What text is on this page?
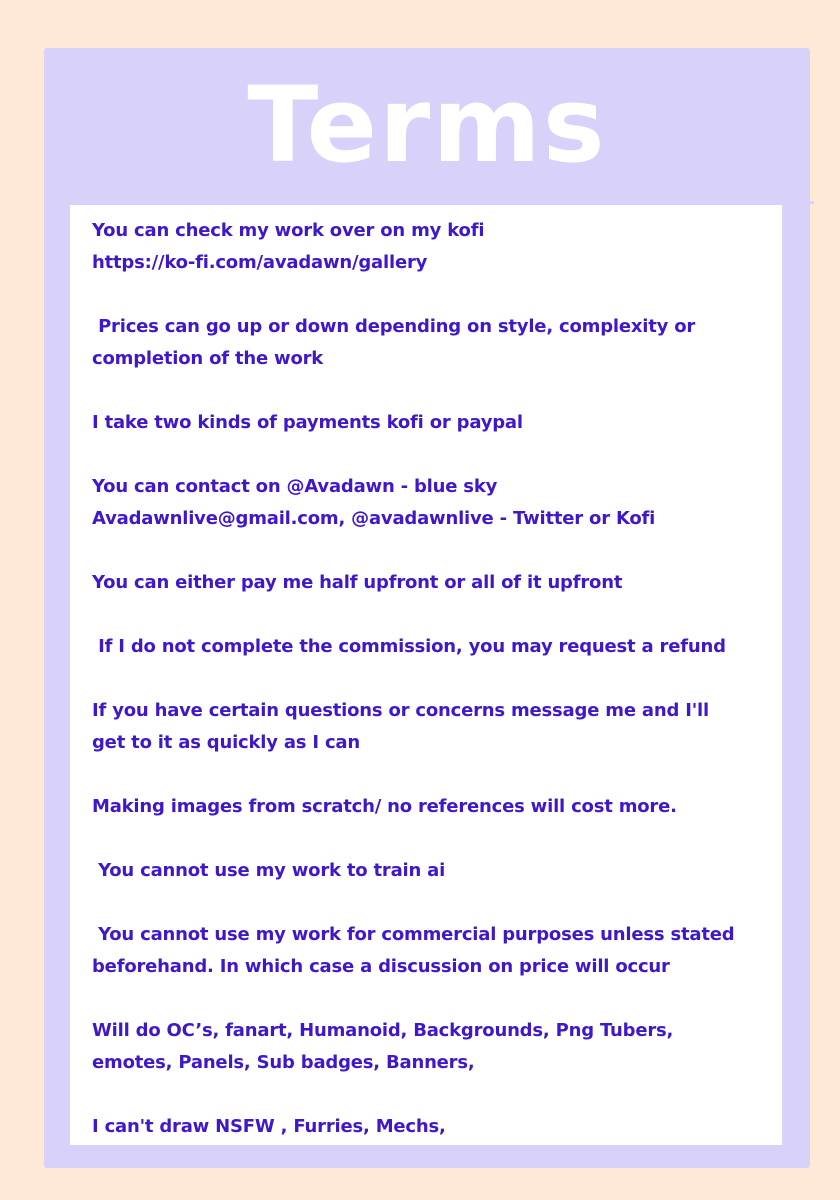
Terms
You can check my work over on my kofi
https://ko-fi.com/avadawn/gallery
Prices can go up or down depending on style, complexity or
completion of the work
I take two kinds of payments kofi or paypal
You can contact on @Avadawn - blue sky
Avadawnlive@gmail.com, @avadawnlive - Twitter or Kofi
You can either pay me half upfront or all of it upfront
If I do not complete the commission, you may request a refund
If you have certain questions or concerns message me and I'll
get to it as quickly as I can
Making images from scratch/ no references will cost more.
You cannot use my work to train ai
You cannot use my work for commercial purposes unless stated
beforehand. In which case a discussion on price will occur
Will do OC’s, fanart, Humanoid, Backgrounds, Png Tubers,
emotes, Panels, Sub badges, Banners,
I can't draw NSFW , Furries, Mechs,
